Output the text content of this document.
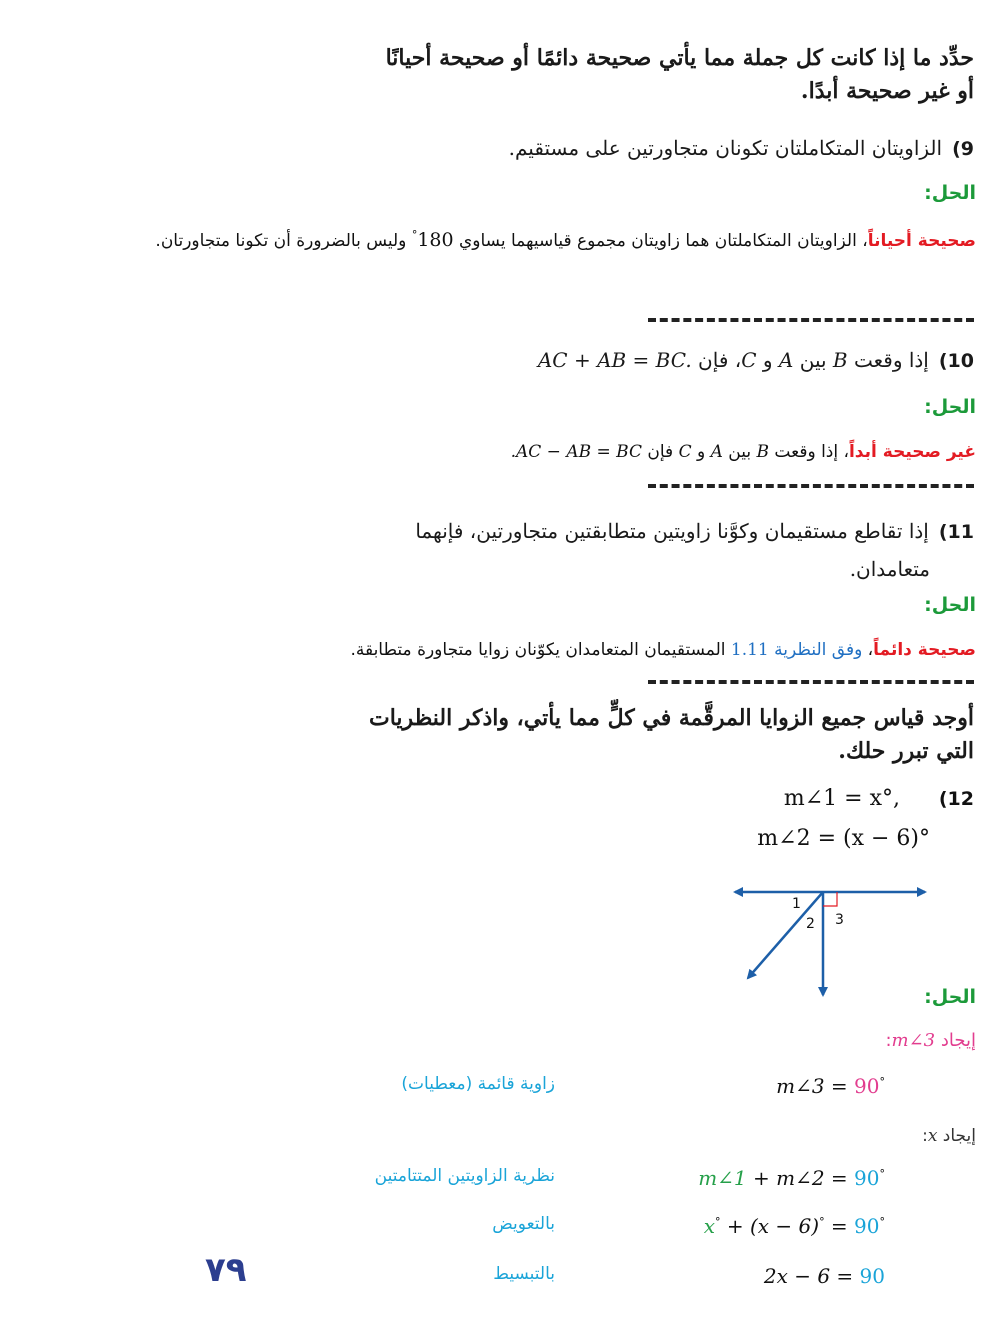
حدِّد ما إذا كانت كل جملة مما يأتي صحيحة دائمًا أو صحيحة أحيانًا
أو غير صحيحة أبدًا.
9)الزاويتان المتكاملتان تكونان متجاورتين على مستقيم.
الحل:
صحيحة أحياناً، الزاويتان المتكاملتان هما زاويتان مجموع قياسيهما يساوي °180 وليس بالضرورة أن تكونا متجاورتان.
10)إذا وقعت B بين A و C، فإن AC + AB = BC.
الحل:
غير صحيحة أبداً، إذا وقعت B بين A و C فإن .AC − AB = BC
11)إذا تقاطع مستقيمان وكوَّنا زاويتين متطابقتين متجاورتين، فإنهما
متعامدان.
الحل:
صحيحة دائماً، وفق النظرية 1.11 المستقيمان المتعامدان يكوّنان زوايا متجاورة متطابقة.
أوجد قياس جميع الزوايا المرقَّمة في كلٍّ مما يأتي، واذكر النظريات
التي تبرر حلك.
(12
m∠1 = x°,
m∠2 = (x − 6)°
1
2 3
الحل:
إيجاد m∠3:
m∠3 = 90°
زاوية قائمة (معطيات)
إيجاد x:
m∠1 + m∠2 = 90°
نظرية الزاويتين المتتامتين
x° + (x − 6)° = 90°
بالتعويض
2x − 6 = 90
بالتبسيط
٧٩
